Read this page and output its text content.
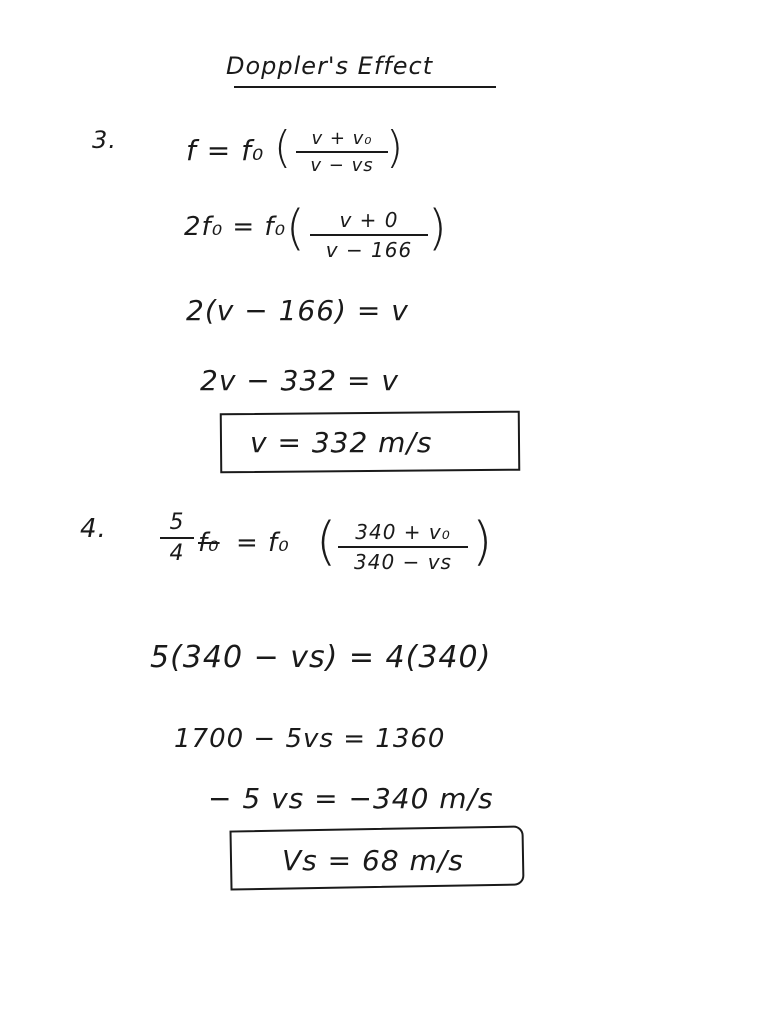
Doppler's Effect
3. f = f₀ (	v + v₀
v − vs )
2f₀ = f₀ (	v + 0
v − 166 )
2(v − 166) = v
2v − 332 = v
v = 332 m/s
4.	5
4 f₀ = f₀ ( 340 + v₀
340 − vs )
5(340 − vs) = 4(340)
1700 − 5vs = 1360
− 5 vs = −340 m/s
Vs = 68 m/s
